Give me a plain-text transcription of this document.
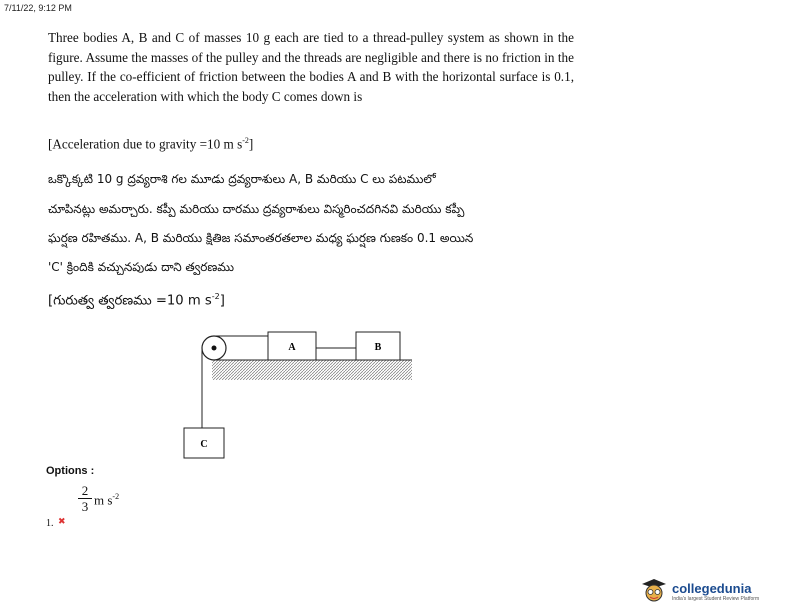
7/11/22, 9:12 PM

Three bodies A, B and C of masses 10 g each are tied to a thread-pulley system as shown in the figure. Assume the masses of the pulley and the threads are negligible and there is no friction in the pulley. If the co-efficient of friction between the bodies A and B with the horizontal surface is 0.1, then the acceleration with which the body C comes down is

[Acceleration due to gravity =10 m $s^{-2}$]
ఒక్కొక్కటి 10 g ద్రవ్యరాశి గల మూడు ద్రవ్యరాశులు A, B మరియు C లు పటములో
చూపినట్లు అమర్చారు. కప్పీ మరియు దారము ద్రవ్యరాశులు విస్మరించదగినవి మరియు కప్పీ
ఘర్షణ రహితము. A, B మరియు క్షితిజ సమాంతరతలాల మధ్య ఘర్షణ గుణకం 0.1 అయిన
'C' క్రిందికి వచ్చునపుడు దాని త్వరణము
[గురుత్వ త్వరణము =10 m $s^{-2}$]
A	B
C
Options :
1. ✖
2
3 m $s^{-2}$
collegedunia
India's largest Student Review Platform
